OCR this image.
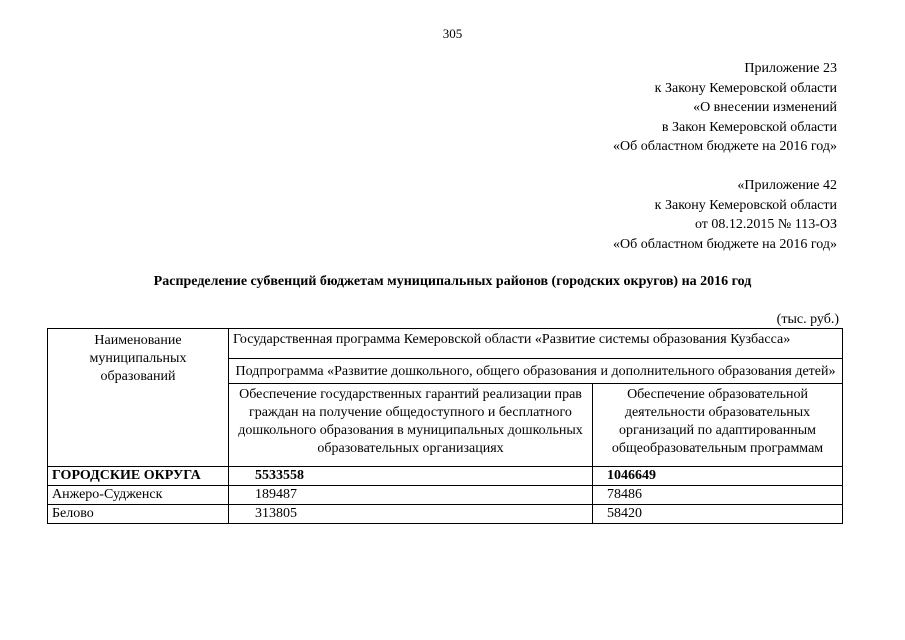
305
Приложение 23
к Закону Кемеровской области
«О внесении изменений
в Закон Кемеровской области
«Об областном бюджете на 2016 год»
«Приложение 42
к Закону Кемеровской области
от 08.12.2015 № 113-ОЗ
«Об областном бюджете на 2016 год»
Распределение субвенций бюджетам муниципальных районов (городских округов) на 2016 год
(тыс. руб.)
Наименование муниципальных образований	Государственная программа Кемеровской области «Развитие системы образования Кузбасса»	
	Подпрограмма «Развитие дошкольного, общего образования и дополнительного образования детей»	
	Обеспечение государственных гарантий реализации прав граждан на получение общедоступного и бесплатного дошкольного образования в муниципальных дошкольных образовательных организациях	Обеспечение образовательной деятельности образовательных организаций по адаптированным общеобразовательным программам
ГОРОДСКИЕ ОКРУГА	5533558	1046649
Анжеро-Судженск	189487	78486
Белово	313805	58420
